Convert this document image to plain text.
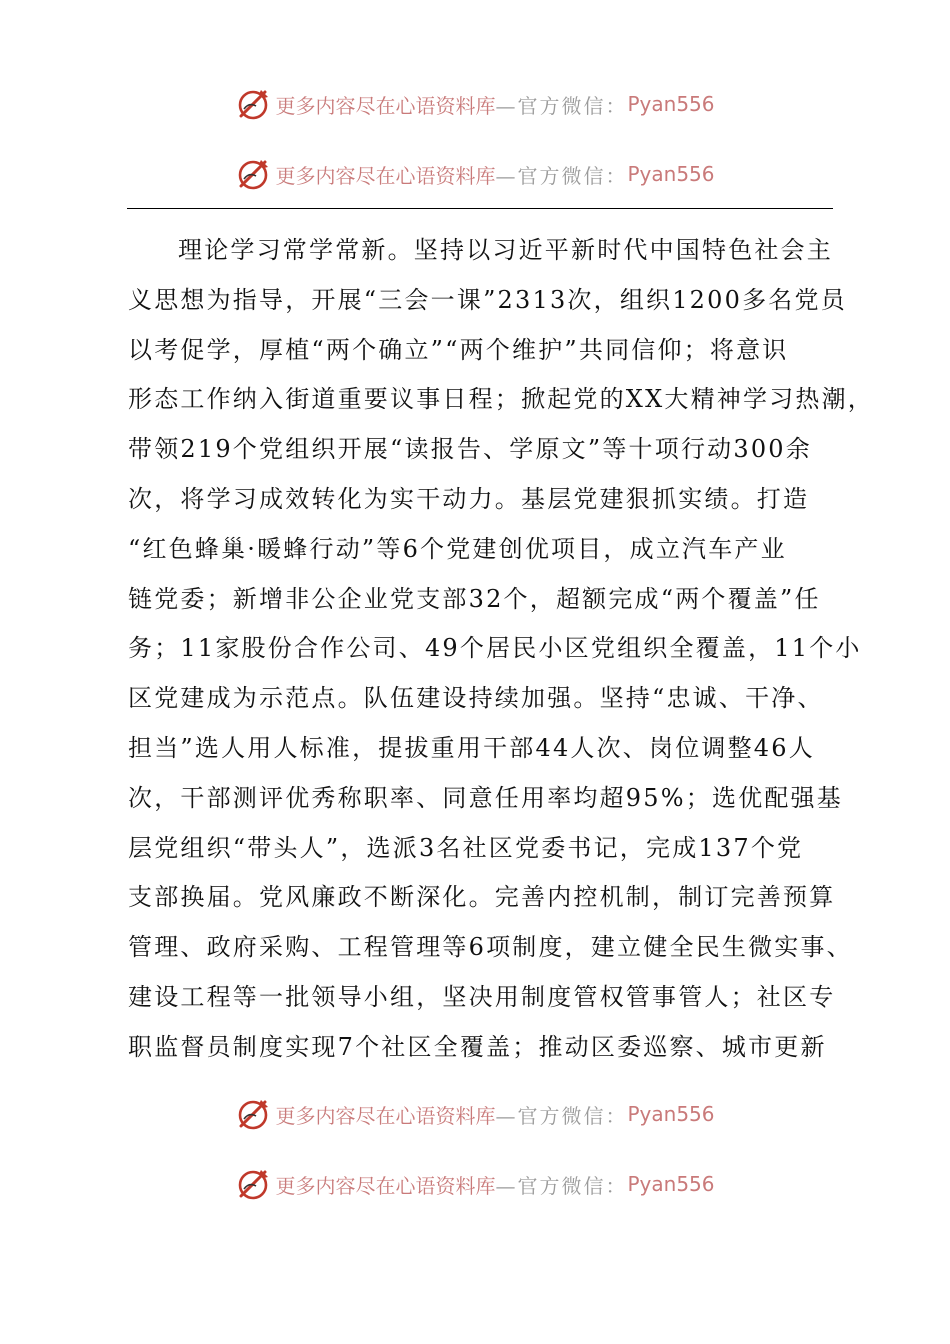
更多内容尽在心语资料库 —官方微信： Pyan556
更多内容尽在心语资料库 —官方微信： Pyan556
理论学习常学常新。坚持以习近平新时代中国特色社会主
义思想为指导，开展“三会一课”2313次，组织1200多名党员
以考促学，厚植“两个确立”“两个维护”共同信仰；将意识
形态工作纳入街道重要议事日程；掀起党的XX大精神学习热潮，
带领219个党组织开展“读报告、学原文”等十项行动300余
次，将学习成效转化为实干动力。基层党建狠抓实绩。打造
“红色蜂巢·暖蜂行动”等6个党建创优项目，成立汽车产业
链党委；新增非公企业党支部32个，超额完成“两个覆盖”任
务；11家股份合作公司、49个居民小区党组织全覆盖，11个小
区党建成为示范点。队伍建设持续加强。坚持“忠诚、干净、
担当”选人用人标准，提拔重用干部44人次、岗位调整46人
次，干部测评优秀称职率、同意任用率均超95%；选优配强基
层党组织“带头人”，选派3名社区党委书记，完成137个党
支部换届。党风廉政不断深化。完善内控机制，制订完善预算
管理、政府采购、工程管理等6项制度，建立健全民生微实事、
建设工程等一批领导小组，坚决用制度管权管事管人；社区专
职监督员制度实现7个社区全覆盖；推动区委巡察、城市更新
更多内容尽在心语资料库 —官方微信： Pyan556
更多内容尽在心语资料库 —官方微信： Pyan556
